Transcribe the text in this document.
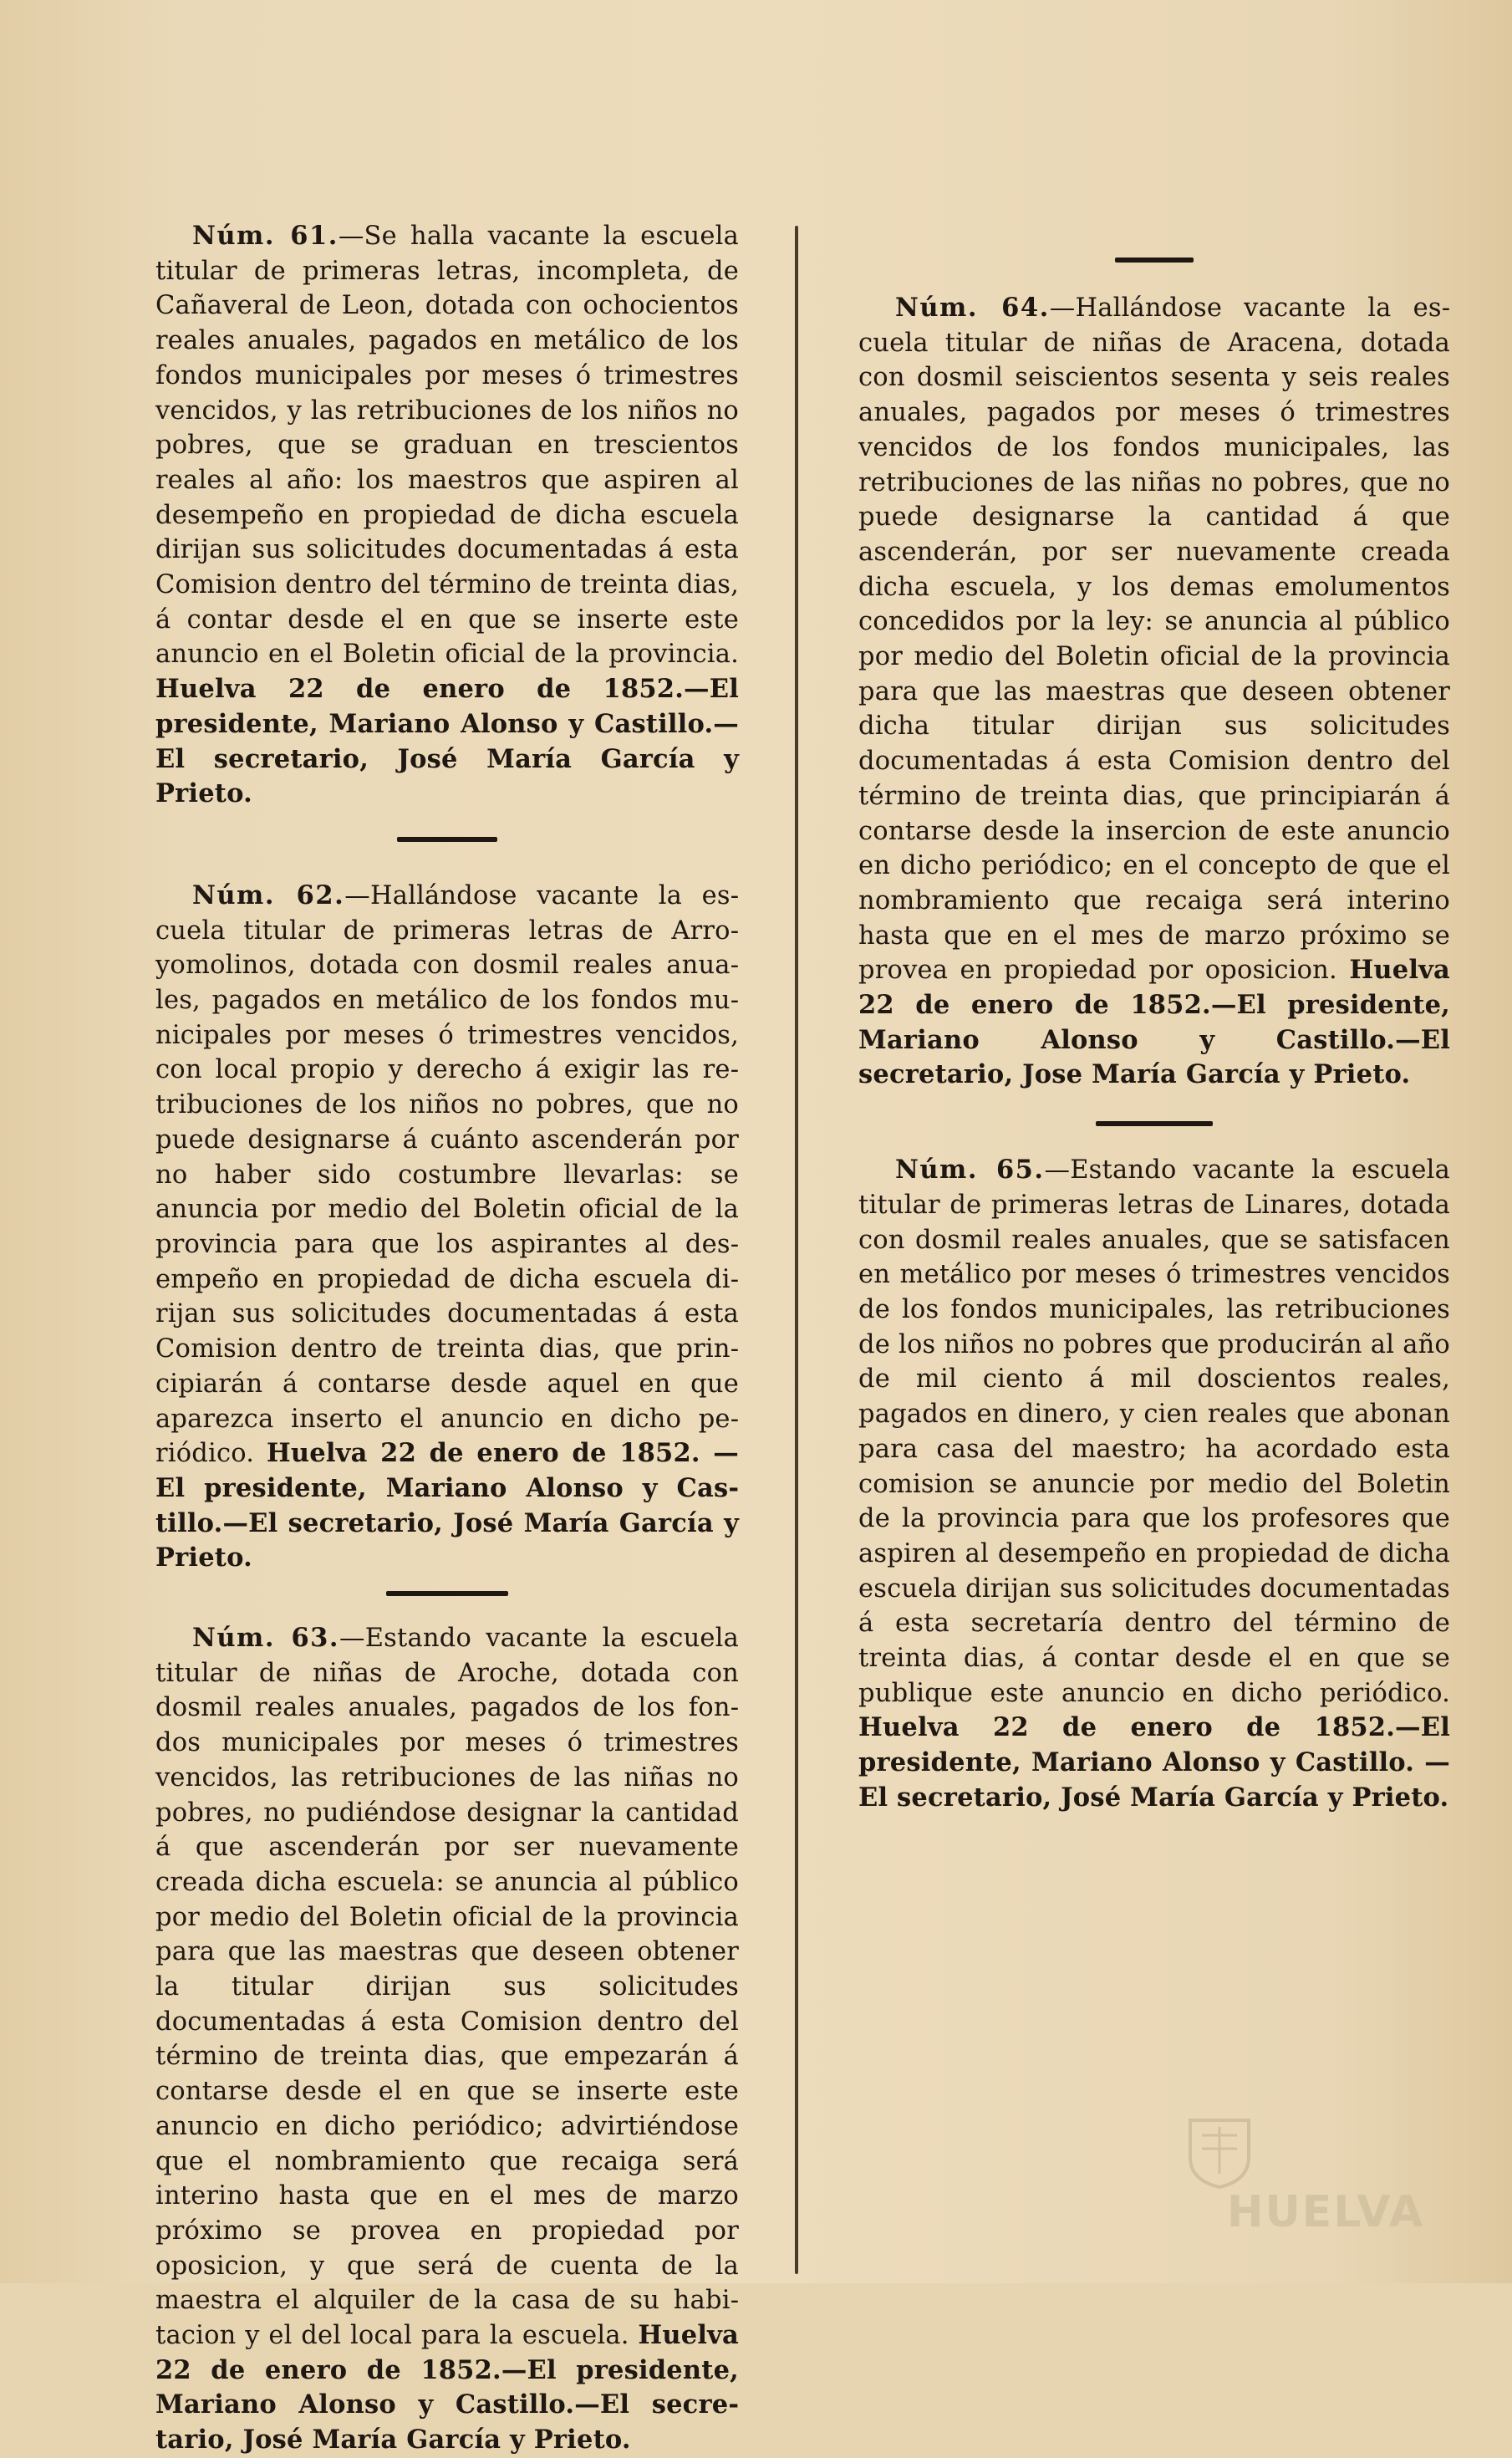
Núm. 61.—Se halla vacante la escuela titular de primeras letras, incompleta, de Cañaveral de Leon, dotada con ochocientos reales anuales, pagados en metálico de los fondos municipales por meses ó trimestres vencidos, y las retribuciones de los niños no pobres, que se graduan en trescientos reales al año: los maestros que aspiren al desempeño en propiedad de dicha escuela dirijan sus solicitudes documentadas á esta Comision dentro del término de treinta dias, á contar desde el en que se inserte este anuncio en el Boletin oficial de la provincia. Huelva 22 de enero de 1852.—El presidente, Mariano Alonso y Castillo.—El secretario, José María García y Prieto.

Núm. 62.—Hallándose vacante la escuela titular de primeras letras de Arroyomolinos, dotada con dosmil reales anuales, pagados en metálico de los fondos municipales por meses ó trimestres vencidos, con local propio y derecho á exigir las retribuciones de los niños no pobres, que no puede designarse á cuánto ascenderán por no haber sido costumbre llevarlas: se anuncia por medio del Boletin oficial de la provincia para que los aspirantes al desempeño en propiedad de dicha escuela dirijan sus solicitudes documentadas á esta Comision dentro de treinta dias, que principiarán á contarse desde aquel en que aparezca inserto el anuncio en dicho periódico. Huelva 22 de enero de 1852. —El presidente, Mariano Alonso y Castillo.—El secretario, José María García y Prieto.

Núm. 63.—Estando vacante la escuela titular de niñas de Aroche, dotada con dosmil reales anuales, pagados de los fondos municipales por meses ó trimestres vencidos, las retribuciones de las niñas no pobres, no pudiéndose designar la cantidad á que ascenderán por ser nuevamente creada dicha escuela: se anuncia al público por medio del Boletin oficial de la provincia para que las maestras que deseen obtener la titular dirijan sus solicitudes documentadas á esta Comision dentro del término de treinta dias, que empezarán á contarse desde el en que se inserte este anuncio en dicho periódico; advirtiéndose que el nombramiento que recaiga será interino hasta que en el mes de marzo próximo se provea en propiedad por oposicion, y que será de cuenta de la maestra el alquiler de la casa de su habitacion y el del local para la escuela. Huelva 22 de enero de 1852.—El presidente, Mariano Alonso y Castillo.—El secretario, José María García y Prieto.

Núm. 64.—Hallándose vacante la escuela titular de niñas de Aracena, dotada con dosmil seiscientos sesenta y seis reales anuales, pagados por meses ó trimestres vencidos de los fondos municipales, las retribuciones de las niñas no pobres, que no puede designarse la cantidad á que ascenderán, por ser nuevamente creada dicha escuela, y los demas emolumentos concedidos por la ley: se anuncia al público por medio del Boletin oficial de la provincia para que las maestras que deseen obtener dicha titular dirijan sus solicitudes documentadas á esta Comision dentro del término de treinta dias, que principiarán á contarse desde la insercion de este anuncio en dicho periódico; en el concepto de que el nombramiento que recaiga será interino hasta que en el mes de marzo próximo se provea en propiedad por oposicion. Huelva 22 de enero de 1852.—El presidente, Mariano Alonso y Castillo.—El secretario, Jose María García y Prieto.

Núm. 65.—Estando vacante la escuela titular de primeras letras de Linares, dotada con dosmil reales anuales, que se satisfacen en metálico por meses ó trimestres vencidos de los fondos municipales, las retribuciones de los niños no pobres que producirán al año de mil ciento á mil doscientos reales, pagados en dinero, y cien reales que abonan para casa del maestro; ha acordado esta comision se anuncie por medio del Boletin de la provincia para que los profesores que aspiren al desempeño en propiedad de dicha escuela dirijan sus solicitudes documentadas á esta secretaría dentro del término de treinta dias, á contar desde el en que se publique este anuncio en dicho periódico. Huelva 22 de enero de 1852.—El presidente, Mariano Alonso y Castillo. —El secretario, José María García y Prieto.

HUELVA
